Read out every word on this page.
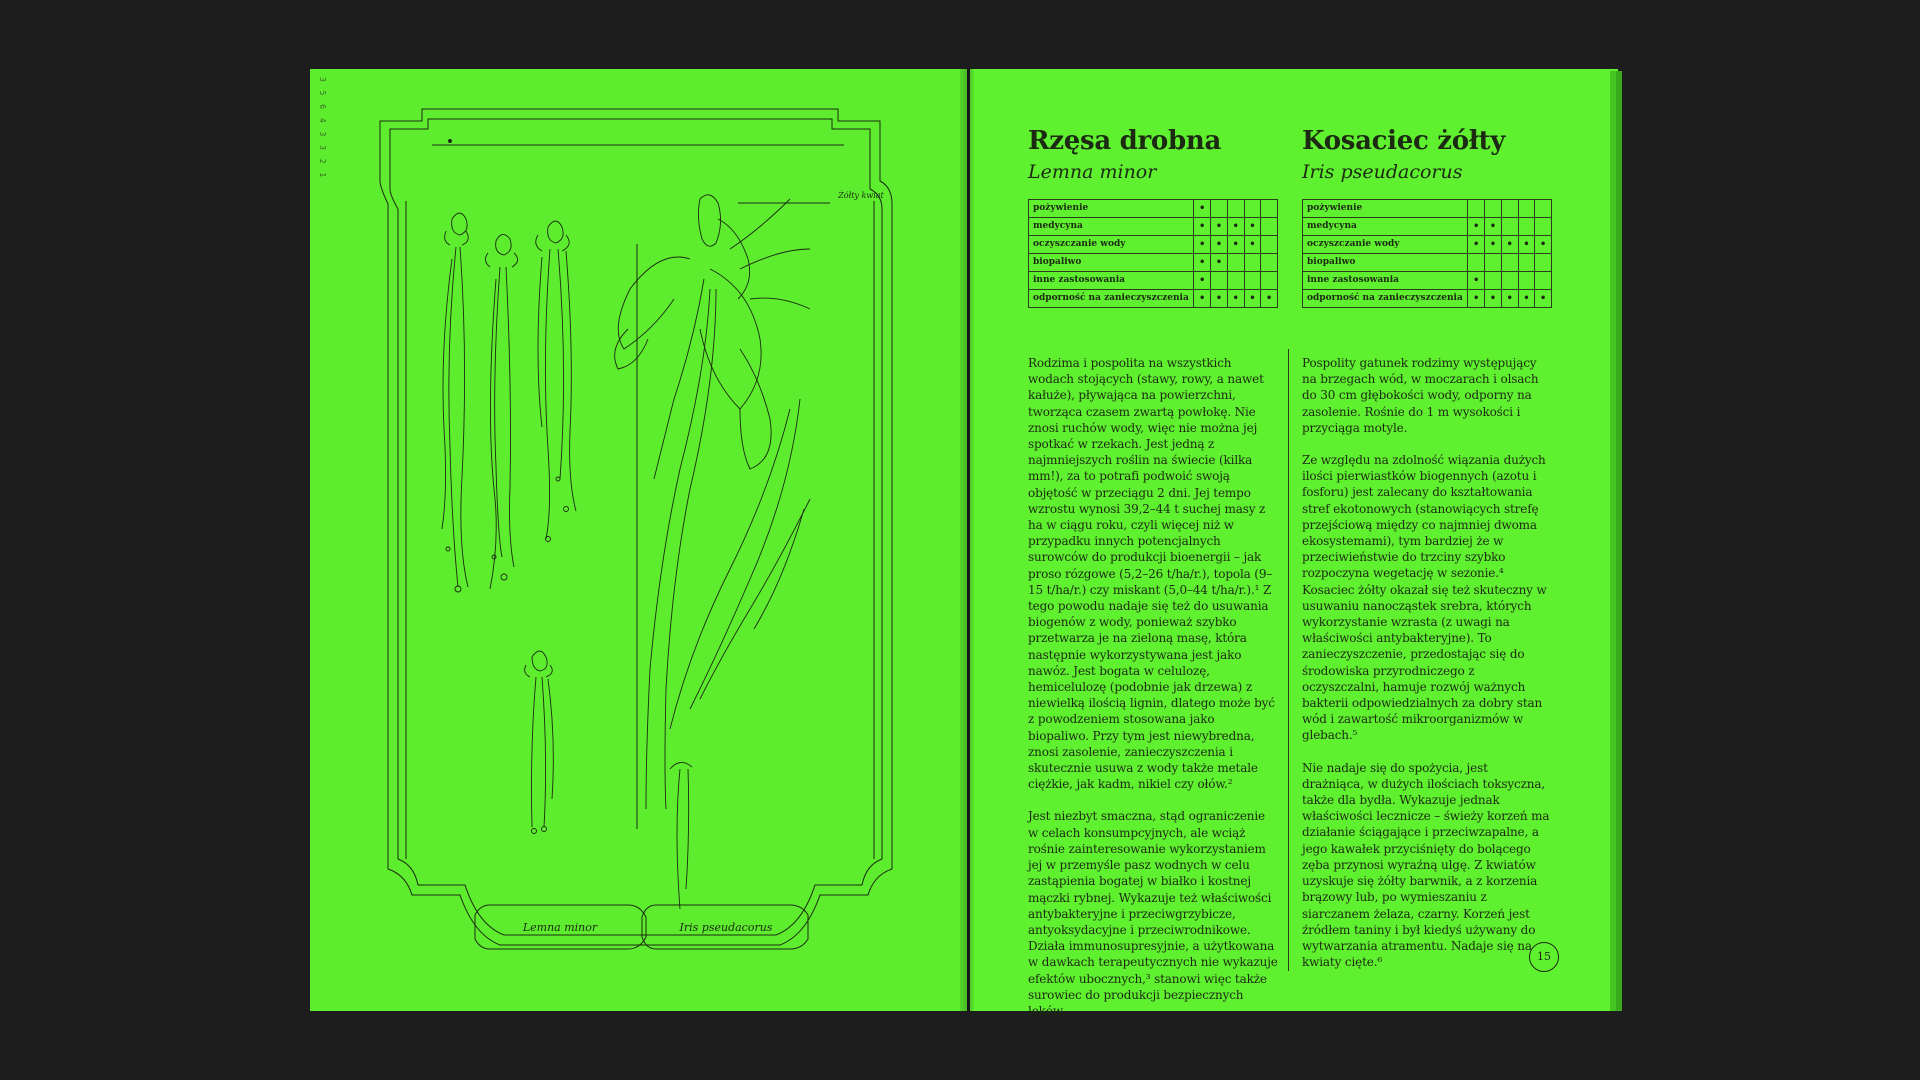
3 5 6 4 3 3 2 1
Żółty kwiat
Lemna minor	Iris pseudacorus
Rzęsa drobna
Lemna minor
pożywienie	•				
medycyna	•	•	•	•	
oczyszczanie wody	•	•	•	•	
biopaliwo	•	•			
inne zastosowania	•				
odporność na zanieczyszczenia	•	•	•	•	•
Kosaciec żółty
Iris pseudacorus
pożywienie					
medycyna	•	•			
oczyszczanie wody	•	•	•	•	•
biopaliwo					
inne zastosowania	•				
odporność na zanieczyszczenia	•	•	•	•	•

Rodzima i pospolita na wszystkich wodach stojących (stawy, rowy, a nawet kałuże), pływająca na powierzchni, tworząca czasem zwartą powłokę. Nie znosi ruchów wody, więc nie można jej spotkać w rzekach. Jest jedną z najmniejszych roślin na świecie (kilka mm!), za to potrafi podwoić swoją objętość w przeciągu 2 dni. Jej tempo wzrostu wynosi 39,2–44 t suchej masy z ha w ciągu roku, czyli więcej niż w przypadku innych potencjalnych surowców do produkcji bioenergii – jak proso rózgowe (5,2–26 t/ha/r.), topola (9–15 t/ha/r.) czy miskant (5,0–44 t/ha/r.).¹ Z tego powodu nadaje się też do usuwania biogenów z wody, ponieważ szybko przetwarza je na zieloną masę, która następnie wykorzystywana jest jako nawóz. Jest bogata w celulozę, hemicelulozę (podobnie jak drzewa) z niewielką ilością lignin, dlatego może być z powodzeniem stosowana jako biopaliwo. Przy tym jest niewybredna, znosi zasolenie, zanieczyszczenia i skutecznie usuwa z wody także metale ciężkie, jak kadm, nikiel czy ołów.²

Jest niezbyt smaczna, stąd ograniczenie w celach konsumpcyjnych, ale wciąż rośnie zainteresowanie wykorzystaniem jej w przemyśle pasz wodnych w celu zastąpienia bogatej w białko i kostnej mączki rybnej. Wykazuje też właściwości antybakteryjne i przeciwgrzybicze, antyoksydacyjne i przeciwrodnikowe. Działa immunosupresyjnie, a użytkowana w dawkach terapeutycznych nie wykazuje efektów ubocznych,³ stanowi więc także surowiec do produkcji bezpiecznych leków.

Pospolity gatunek rodzimy występujący na brzegach wód, w moczarach i olsach do 30 cm głębokości wody, odporny na zasolenie. Rośnie do 1 m wysokości i przyciąga motyle.

Ze względu na zdolność wiązania dużych ilości pierwiastków biogennych (azotu i fosforu) jest zalecany do kształtowania stref ekotonowych (stanowiących strefę przejściową między co najmniej dwoma ekosystemami), tym bardziej że w przeciwieństwie do trzciny szybko rozpoczyna wegetację w sezonie.⁴ Kosaciec żółty okazał się też skuteczny w usuwaniu nanocząstek srebra, których wykorzystanie wzrasta (z uwagi na właściwości antybakteryjne). To zanieczyszczenie, przedostając się do środowiska przyrodniczego z oczyszczalni, hamuje rozwój ważnych bakterii odpowiedzialnych za dobry stan wód i zawartość mikroorganizmów w glebach.⁵

Nie nadaje się do spożycia, jest drażniąca, w dużych ilościach toksyczna, także dla bydła. Wykazuje jednak właściwości lecznicze – świeży korzeń ma działanie ściągające i przeciwzapalne, a jego kawałek przyciśnięty do bolącego zęba przynosi wyraźną ulgę. Z kwiatów uzyskuje się żółty barwnik, a z korzenia brązowy lub, po wymieszaniu z siarczanem żelaza, czarny. Korzeń jest źródłem taniny i był kiedyś używany do wytwarzania atramentu. Nadaje się na kwiaty cięte.⁶	15
